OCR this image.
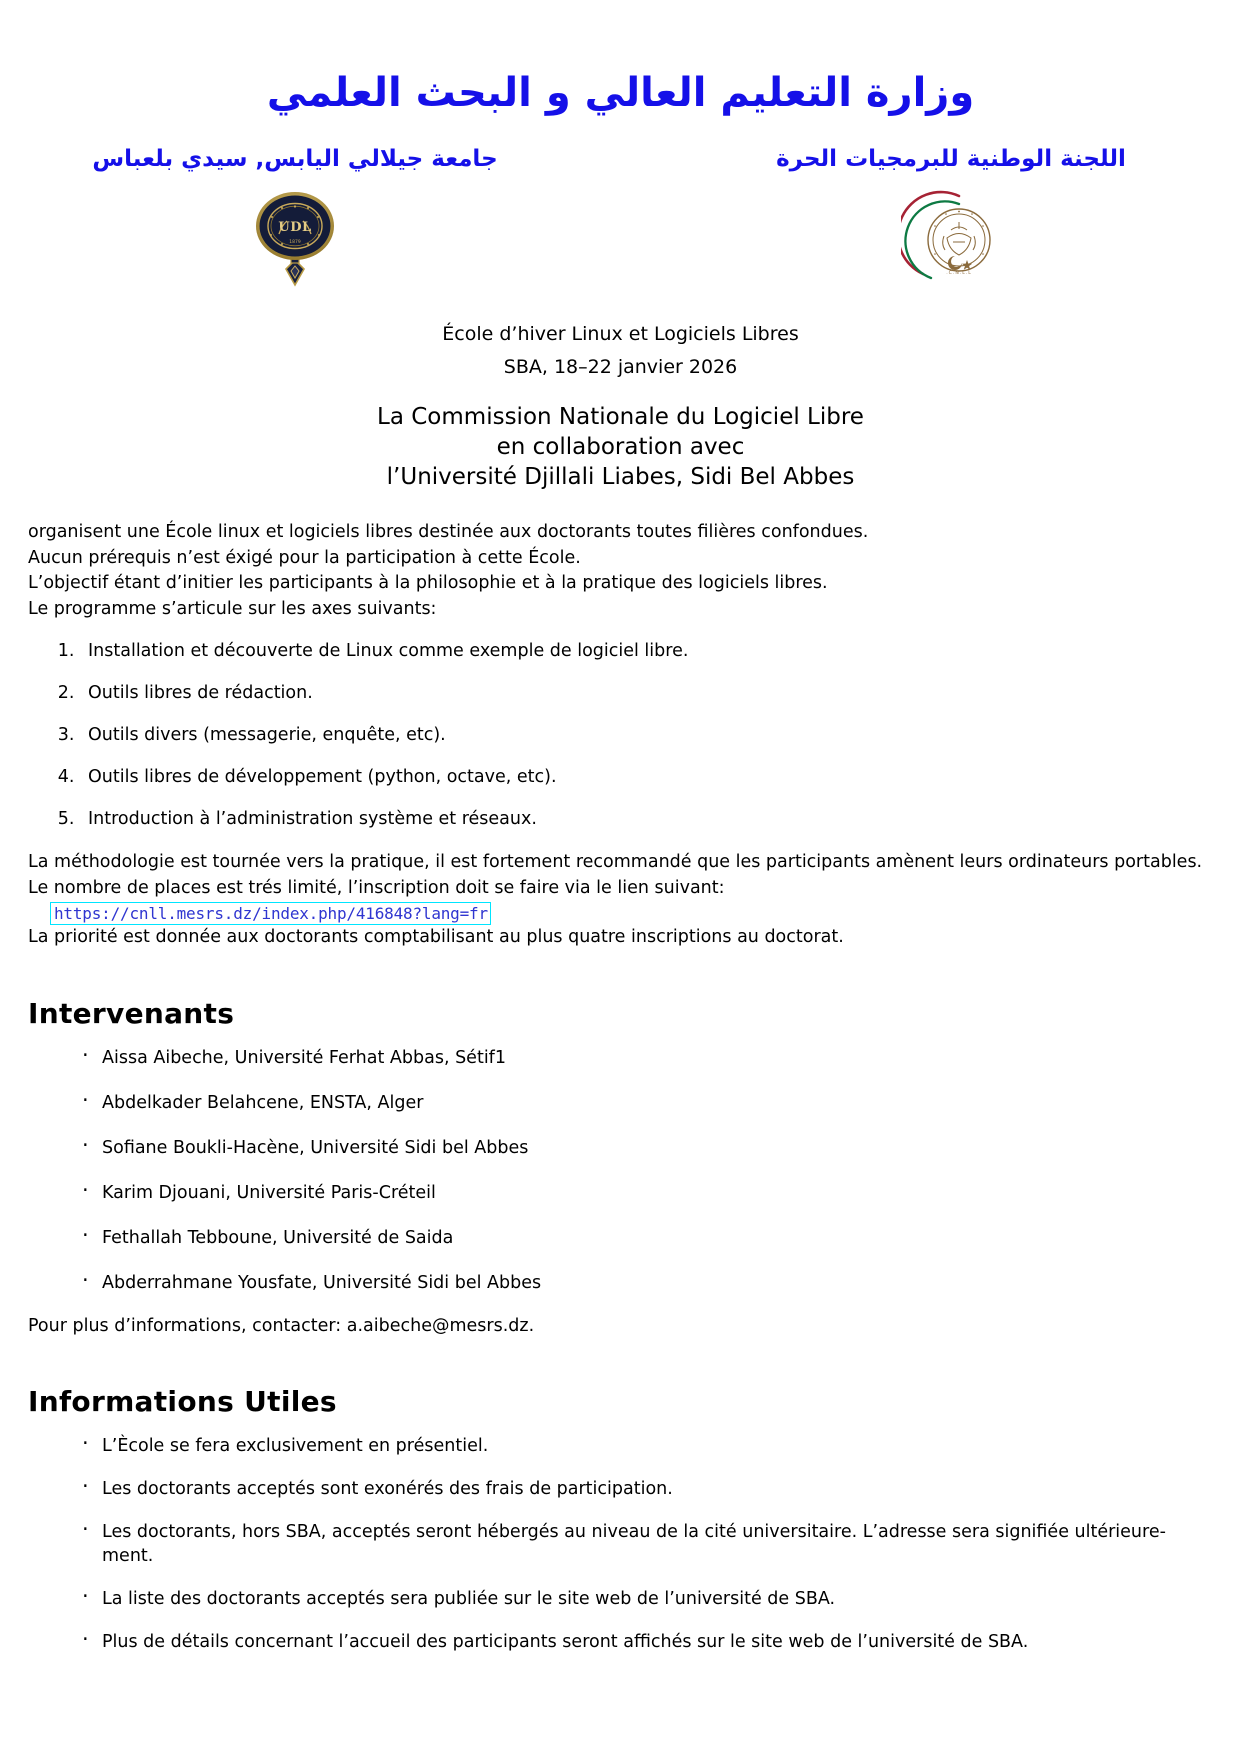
وزارة التعليم العالي و البحث العلمي
جامعة جيلالي اليابس, سيدي بلعباس
UDL
1879
اللجنة الوطنية للبرمجيات الحرة
C.N.L.L.
École d’hiver Linux et Logiciels Libres
SBA, 18–22 janvier 2026
La Commission Nationale du Logiciel Libre
en collaboration avec
l’Université Djillali Liabes, Sidi Bel Abbes
organisent une École linux et logiciels libres destinée aux doctorants toutes filières confondues.
Aucun prérequis n’est éxigé pour la participation à cette École.
L’objectif étant d’initier les participants à la philosophie et à la pratique des logiciels libres.
Le programme s’articule sur les axes suivants:
1. Installation et découverte de Linux comme exemple de logiciel libre.
2. Outils libres de rédaction.
3. Outils divers (messagerie, enquête, etc).
4. Outils libres de développement (python, octave, etc).
5. Introduction à l’administration système et réseaux.
La méthodologie est tournée vers la pratique, il est fortement recommandé que les participants amènent leurs ordinateurs portables.
Le nombre de places est trés limité, l’inscription doit se faire via le lien suivant:
https://cnll.mesrs.dz/index.php/416848?lang=fr
La priorité est donnée aux doctorants comptabilisant au plus quatre inscriptions au doctorat.
Intervenants
· Aissa Aibeche, Université Ferhat Abbas, Sétif1
· Abdelkader Belahcene, ENSTA, Alger
· Sofiane Boukli-Hacène, Université Sidi bel Abbes
· Karim Djouani, Université Paris-Créteil
· Fethallah Tebboune, Université de Saida
· Abderrahmane Yousfate, Université Sidi bel Abbes
Pour plus d’informations, contacter: a.aibeche@mesrs.dz.
Informations Utiles
· L’Ècole se fera exclusivement en présentiel.
· Les doctorants acceptés sont exonérés des frais de participation.
· Les doctorants, hors SBA, acceptés seront hébergés au niveau de la cité universitaire. L’adresse sera signifiée ultérieure-ment.
· La liste des doctorants acceptés sera publiée sur le site web de l’université de SBA.
· Plus de détails concernant l’accueil des participants seront affichés sur le site web de l’université de SBA.
